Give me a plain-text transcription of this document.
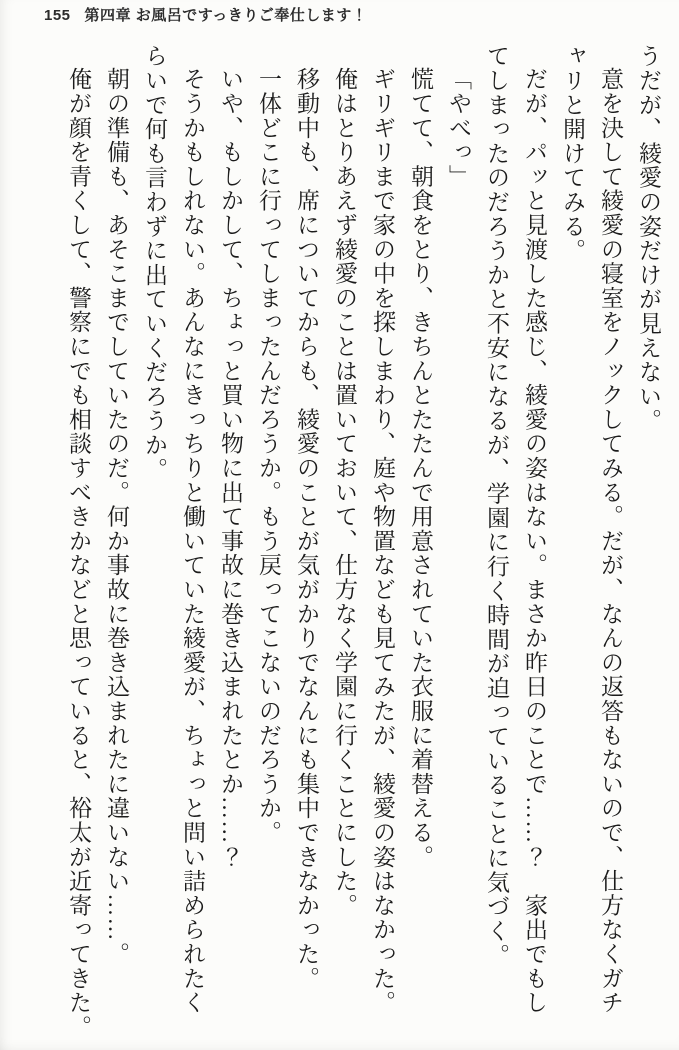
155 第四章 お風呂ですっきりご奉仕します！
うだが、綾愛の姿だけが見えない。
意を決して綾愛の寝室をノックしてみる。だが、なんの返答もないので、仕方なくガチ
ャリと開けてみる。
だが、パッと見渡した感じ、綾愛の姿はない。まさか昨日のことで……？　家出でもし
てしまったのだろうかと不安になるが、学園に行く時間が迫っていることに気づく。
「やべっ」
慌てて、朝食をとり、きちんとたたんで用意されていた衣服に着替える。
ギリギリまで家の中を探しまわり、庭や物置なども見てみたが、綾愛の姿はなかった。
俺はとりあえず綾愛のことは置いておいて、仕方なく学園に行くことにした。
移動中も、席についてからも、綾愛のことが気がかりでなんにも集中できなかった。
一体どこに行ってしまったんだろうか。もう戻ってこないのだろうか。
いや、もしかして、ちょっと買い物に出て事故に巻き込まれたとか……？
そうかもしれない。あんなにきっちりと働いていた綾愛が、ちょっと問い詰められたく
らいで何も言わずに出ていくだろうか。
朝の準備も、あそこまでしていたのだ。何か事故に巻き込まれたに違いない……。
俺が顔を青くして、警察にでも相談すべきかなどと思っていると、裕太が近寄ってきた。
